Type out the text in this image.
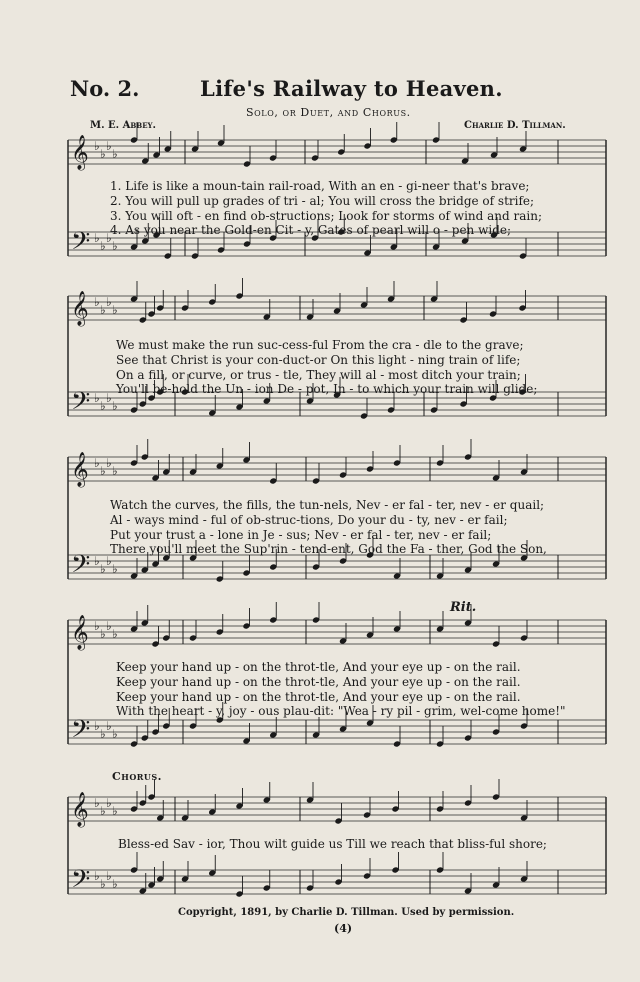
No. 2.	Life's Railway to Heaven.
Solo, or Duet, and Chorus.
M. E. Abbey.	Charlie D. Tillman.
𝄞 ♭
♭
♭
♭
𝄢 ♭
♭
♭
♭
𝄞 ♭
♭
♭
♭
𝄢 ♭
♭
♭
♭
𝄞 ♭
♭
♭
♭
𝄢 ♭
♭
♭
♭
𝄞 ♭
♭
♭
♭
𝄢 ♭
♭
♭
♭
𝄞 ♭
♭
♭
♭
𝄢 ♭
♭
♭
♭
1. Life is like a moun-tain rail-road, With an en - gi-neer that's brave;
2. You will pull up grades of tri - al; You will cross the bridge of strife;
3. You will oft - en find ob-structions; Look for storms of wind and rain;
4. As you near the Gold-en Cit - y, Gates of pearl will o - pen wide;
We must make the run suc-cess-ful From the cra - dle to the grave;
See that Christ is your con-duct-or On this light - ning train of life;
On a fill, or curve, or trus - tle, They will al - most ditch your train;
You'll be-hold the Un - ion De - pot, In - to which your train will glide;
Watch the curves, the fills, the tun-nels, Nev - er fal - ter, nev - er quail;
Al - ways mind - ful of ob-struc-tions, Do your du - ty, nev - er fail;
Put your trust a - lone in Je - sus; Nev - er fal - ter, nev - er fail;
There you'll meet the Sup'rin - tend-ent, God the Fa - ther, God the Son,
Keep your hand up - on the throt-tle, And your eye up - on the rail.
Keep your hand up - on the throt-tle, And your eye up - on the rail.
Keep your hand up - on the throt-tle, And your eye up - on the rail.
With the heart - y, joy - ous plau-dit: "Wea - ry pil - grim, wel-come home!"
Bless-ed Sav - ior, Thou wilt guide us Till we reach that bliss-ful shore;
Rit.
Chorus.
Copyright, 1891, by Charlie D. Tillman. Used by permission.
(4)
